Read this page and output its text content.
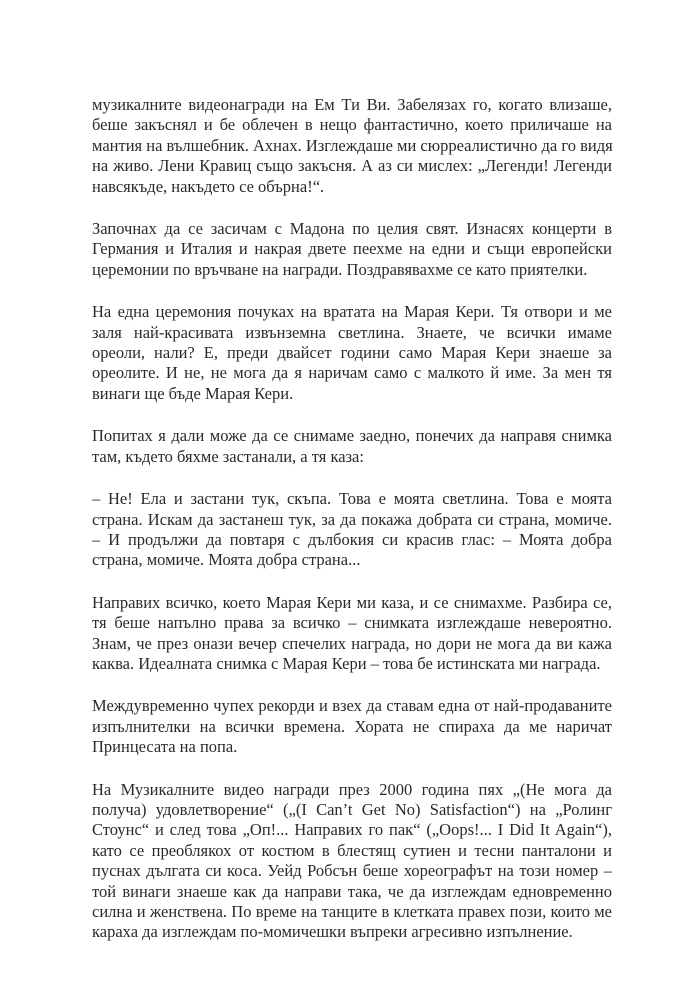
музикалните видеонагради на Ем Ти Ви. Забелязах го, когато влизаше,
беше закъснял и бе облечен в нещо фантастично, което приличаше на
мантия на вълшебник. Ахнах. Изглеждаше ми сюрреалистично да го видя
на живо. Лени Кравиц също закъсня. А аз си мислех: „Легенди! Легенди
навсякъде, накъдето се обърна!“.

Започнах да се засичам с Мадона по целия свят. Изнасях концерти в
Германия и Италия и накрая двете пеехме на едни и същи европейски
церемонии по връчване на награди. Поздравявахме се като приятелки.

На една церемония почуках на вратата на Марая Кери. Тя отвори и ме
заля най-красивата извънземна светлина. Знаете, че всички имаме
ореоли, нали? Е, преди двайсет години само Марая Кери знаеше за
ореолите. И не, не мога да я наричам само с малкото й име. За мен тя
винаги ще бъде Марая Кери.

Попитах я дали може да се снимаме заедно, понечих да направя снимка
там, където бяхме застанали, а тя каза:

– Не! Ела и застани тук, скъпа. Това е моята светлина. Това е моята
страна. Искам да застанеш тук, за да покажа добрата си страна, момиче.
– И продължи да повтаря с дълбокия си красив глас: – Моята добра
страна, момиче. Моята добра страна...

Направих всичко, което Марая Кери ми каза, и се снимахме. Разбира се,
тя беше напълно права за всичко – снимката изглеждаше невероятно.
Знам, че през онази вечер спечелих награда, но дори не мога да ви кажа
каква. Идеалната снимка с Марая Кери – това бе истинската ми награда.

Междувременно чупех рекорди и взех да ставам една от най-продаваните
изпълнителки на всички времена. Хората не спираха да ме наричат
Принцесата на попа.

На Музикалните видео награди през 2000 година пях „(Не мога да
получа) удовлетворение“ („(I Can’t Get No) Satisfaction“) на „Ролинг
Стоунс“ и след това „Оп!... Направих го пак“ („Oops!... I Did It Again“),
като се преоблякох от костюм в блестящ сутиен и тесни панталони и
пуснах дългата си коса. Уейд Робсън беше хореографът на този номер –
той винаги знаеше как да направи така, че да изглеждам едновременно
силна и женствена. По време на танците в клетката правех пози, които ме
караха да изглеждам по-момичешки въпреки агресивно изпълнение.
